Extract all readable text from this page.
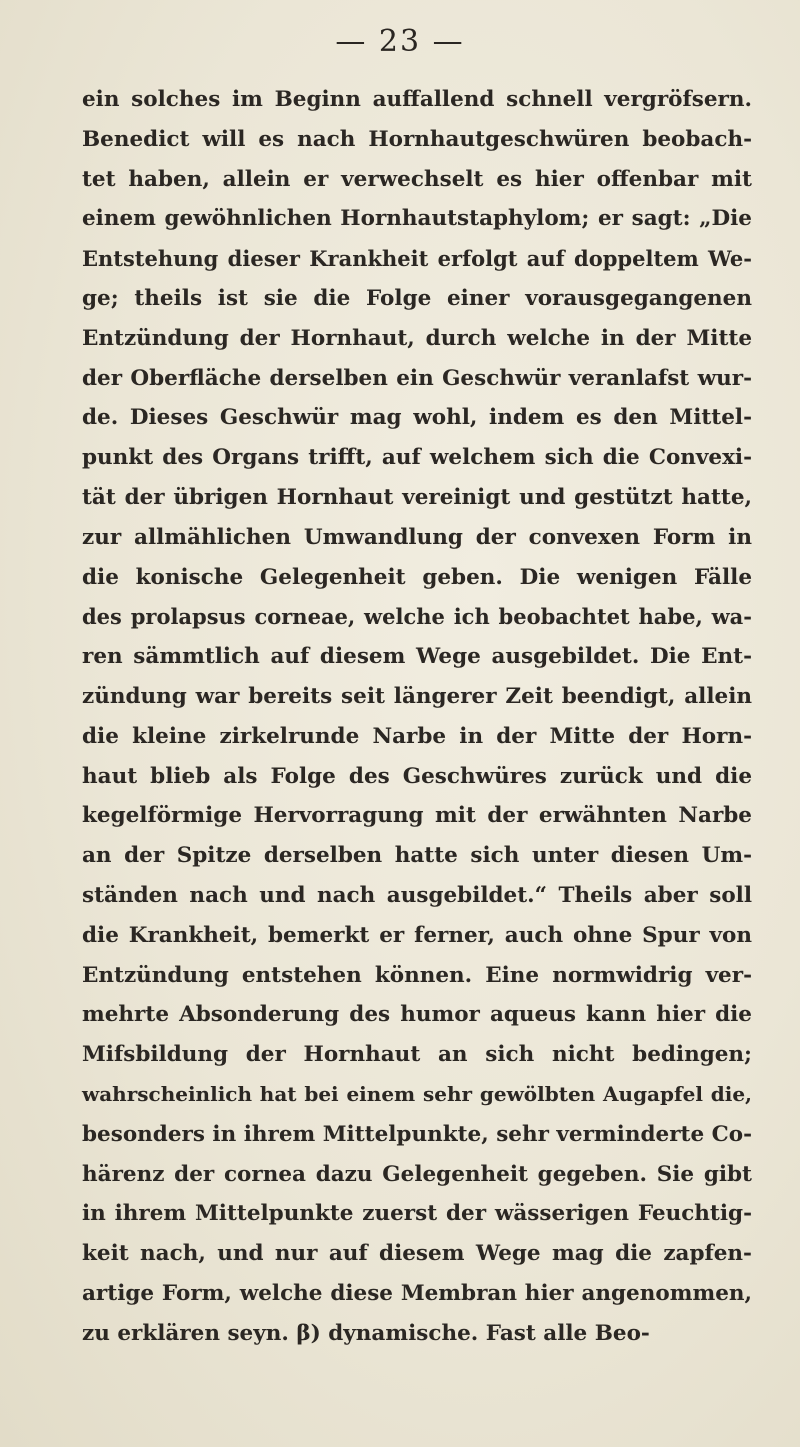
— 23 —
ein solches im Beginn auffallend schnell vergröfsern.
Benedict will es nach Hornhautgeschwüren beobach-
tet haben, allein er verwechselt es hier offenbar mit
einem gewöhnlichen Hornhautstaphylom; er sagt: „Die
Entstehung dieser Krankheit erfolgt auf doppeltem We-
ge; theils ist sie die Folge einer vorausgegangenen
Entzündung der Hornhaut, durch welche in der Mitte
der Oberfläche derselben ein Geschwür veranlafst wur-
de. Dieses Geschwür mag wohl, indem es den Mittel-
punkt des Organs trifft, auf welchem sich die Convexi-
tät der übrigen Hornhaut vereinigt und gestützt hatte,
zur allmählichen Umwandlung der convexen Form in
die konische Gelegenheit geben. Die wenigen Fälle
des prolapsus corneae, welche ich beobachtet habe, wa-
ren sämmtlich auf diesem Wege ausgebildet. Die Ent-
zündung war bereits seit längerer Zeit beendigt, allein
die kleine zirkelrunde Narbe in der Mitte der Horn-
haut blieb als Folge des Geschwüres zurück und die
kegelförmige Hervorragung mit der erwähnten Narbe
an der Spitze derselben hatte sich unter diesen Um-
ständen nach und nach ausgebildet.“ Theils aber soll
die Krankheit, bemerkt er ferner, auch ohne Spur von
Entzündung entstehen können. Eine normwidrig ver-
mehrte Absonderung des humor aqueus kann hier die
Mifsbildung der Hornhaut an sich nicht bedingen;
wahrscheinlich hat bei einem sehr gewölbten Augapfel die,
besonders in ihrem Mittelpunkte, sehr verminderte Co-
härenz der cornea dazu Gelegenheit gegeben. Sie gibt
in ihrem Mittelpunkte zuerst der wässerigen Feuchtig-
keit nach, und nur auf diesem Wege mag die zapfen-
artige Form, welche diese Membran hier angenommen,
zu erklären seyn. β) dynamische. Fast alle Beo-
